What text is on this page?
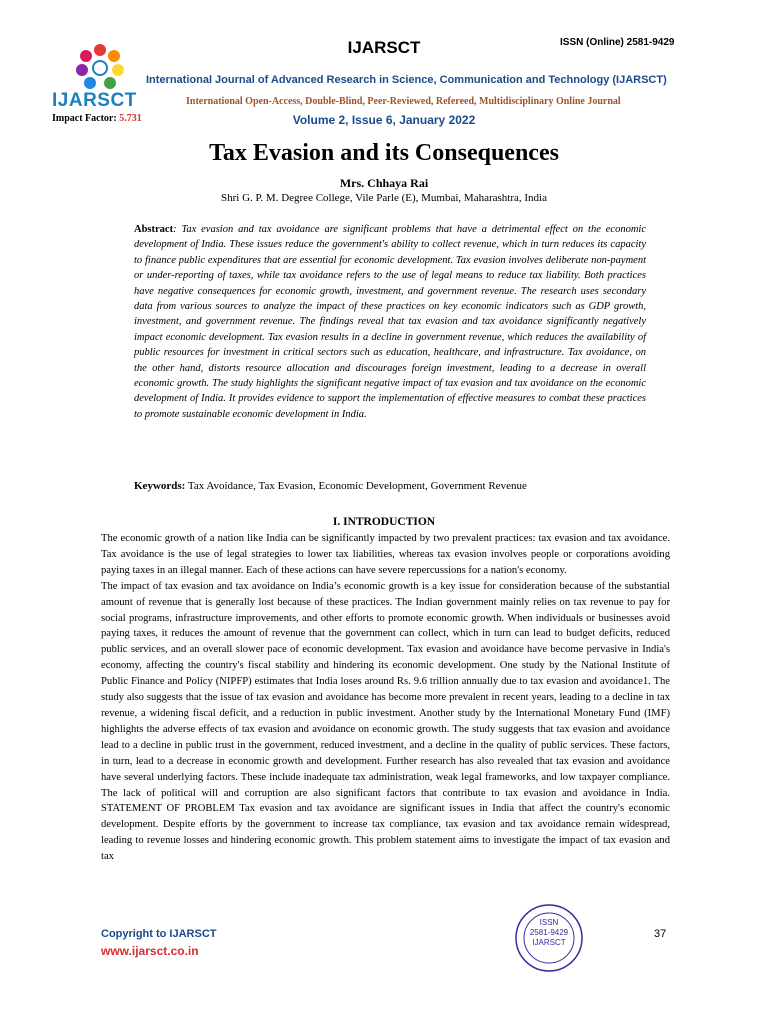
IJARSCT
IJARSCT	ISSN (Online) 2581-9429
International Journal of Advanced Research in Science, Communication and Technology (IJARSCT)
International Open-Access, Double-Blind, Peer-Reviewed, Refereed, Multidisciplinary Online Journal
Impact Factor: 5.731	Volume 2, Issue 6, January 2022
Tax Evasion and its Consequences
Mrs. Chhaya Rai
Shri G. P. M. Degree College, Vile Parle (E), Mumbai, Maharashtra, India
Abstract: Tax evasion and tax avoidance are significant problems that have a detrimental effect on the economic development of India. These issues reduce the government's ability to collect revenue, which in turn reduces its capacity to finance public expenditures that are essential for economic development. Tax evasion involves deliberate non-payment or under-reporting of taxes, while tax avoidance refers to the use of legal means to reduce tax liability. Both practices have negative consequences for economic growth, investment, and government revenue. The research uses secondary data from various sources to analyze the impact of these practices on key economic indicators such as GDP growth, investment, and government revenue. The findings reveal that tax evasion and tax avoidance significantly negatively impact economic development. Tax evasion results in a decline in government revenue, which reduces the availability of public resources for investment in critical sectors such as education, healthcare, and infrastructure. Tax avoidance, on the other hand, distorts resource allocation and discourages foreign investment, leading to a decrease in overall economic growth. The study highlights the significant negative impact of tax evasion and tax avoidance on the economic development of India. It provides evidence to support the implementation of effective measures to combat these practices to promote sustainable economic development in India.
Keywords: Tax Avoidance, Tax Evasion, Economic Development, Government Revenue
I. INTRODUCTION

The economic growth of a nation like India can be significantly impacted by two prevalent practices: tax evasion and tax avoidance. Tax avoidance is the use of legal strategies to lower tax liabilities, whereas tax evasion involves people or corporations avoiding paying taxes in an illegal manner. Each of these actions can have severe repercussions for a nation's economy.

The impact of tax evasion and tax avoidance on India’s economic growth is a key issue for consideration because of the substantial amount of revenue that is generally lost because of these practices. The Indian government mainly relies on tax revenue to pay for social programs, infrastructure improvements, and other efforts to promote economic growth. When individuals or businesses avoid paying taxes, it reduces the amount of revenue that the government can collect, which in turn can lead to budget deficits, reduced public services, and an overall slower pace of economic development. Tax evasion and avoidance have become pervasive in India's economy, affecting the country's fiscal stability and hindering its economic development. One study by the National Institute of Public Finance and Policy (NIPFP) estimates that India loses around Rs. 9.6 trillion annually due to tax evasion and avoidance1. The study also suggests that the issue of tax evasion and avoidance has become more prevalent in recent years, leading to a decline in tax revenue, a widening fiscal deficit, and a reduction in public investment. Another study by the International Monetary Fund (IMF) highlights the adverse effects of tax evasion and avoidance on economic growth. The study suggests that tax evasion and avoidance lead to a decline in public trust in the government, reduced investment, and a decline in the quality of public services. These factors, in turn, lead to a decrease in economic growth and development. Further research has also revealed that tax evasion and avoidance have several underlying factors. These include inadequate tax administration, weak legal frameworks, and low taxpayer compliance. The lack of political will and corruption are also significant factors that contribute to tax evasion and avoidance in India. STATEMENT OF PROBLEM Tax evasion and tax avoidance are significant issues in India that affect the country's economic development. Despite efforts by the government to increase tax compliance, tax evasion and tax avoidance remain widespread, leading to revenue losses and hindering economic growth. This problem statement aims to investigate the impact of tax evasion and tax

Copyright to IJARSCT
www.ijarsct.co.in
37
ISSN
2581-9429
IJARSCT
